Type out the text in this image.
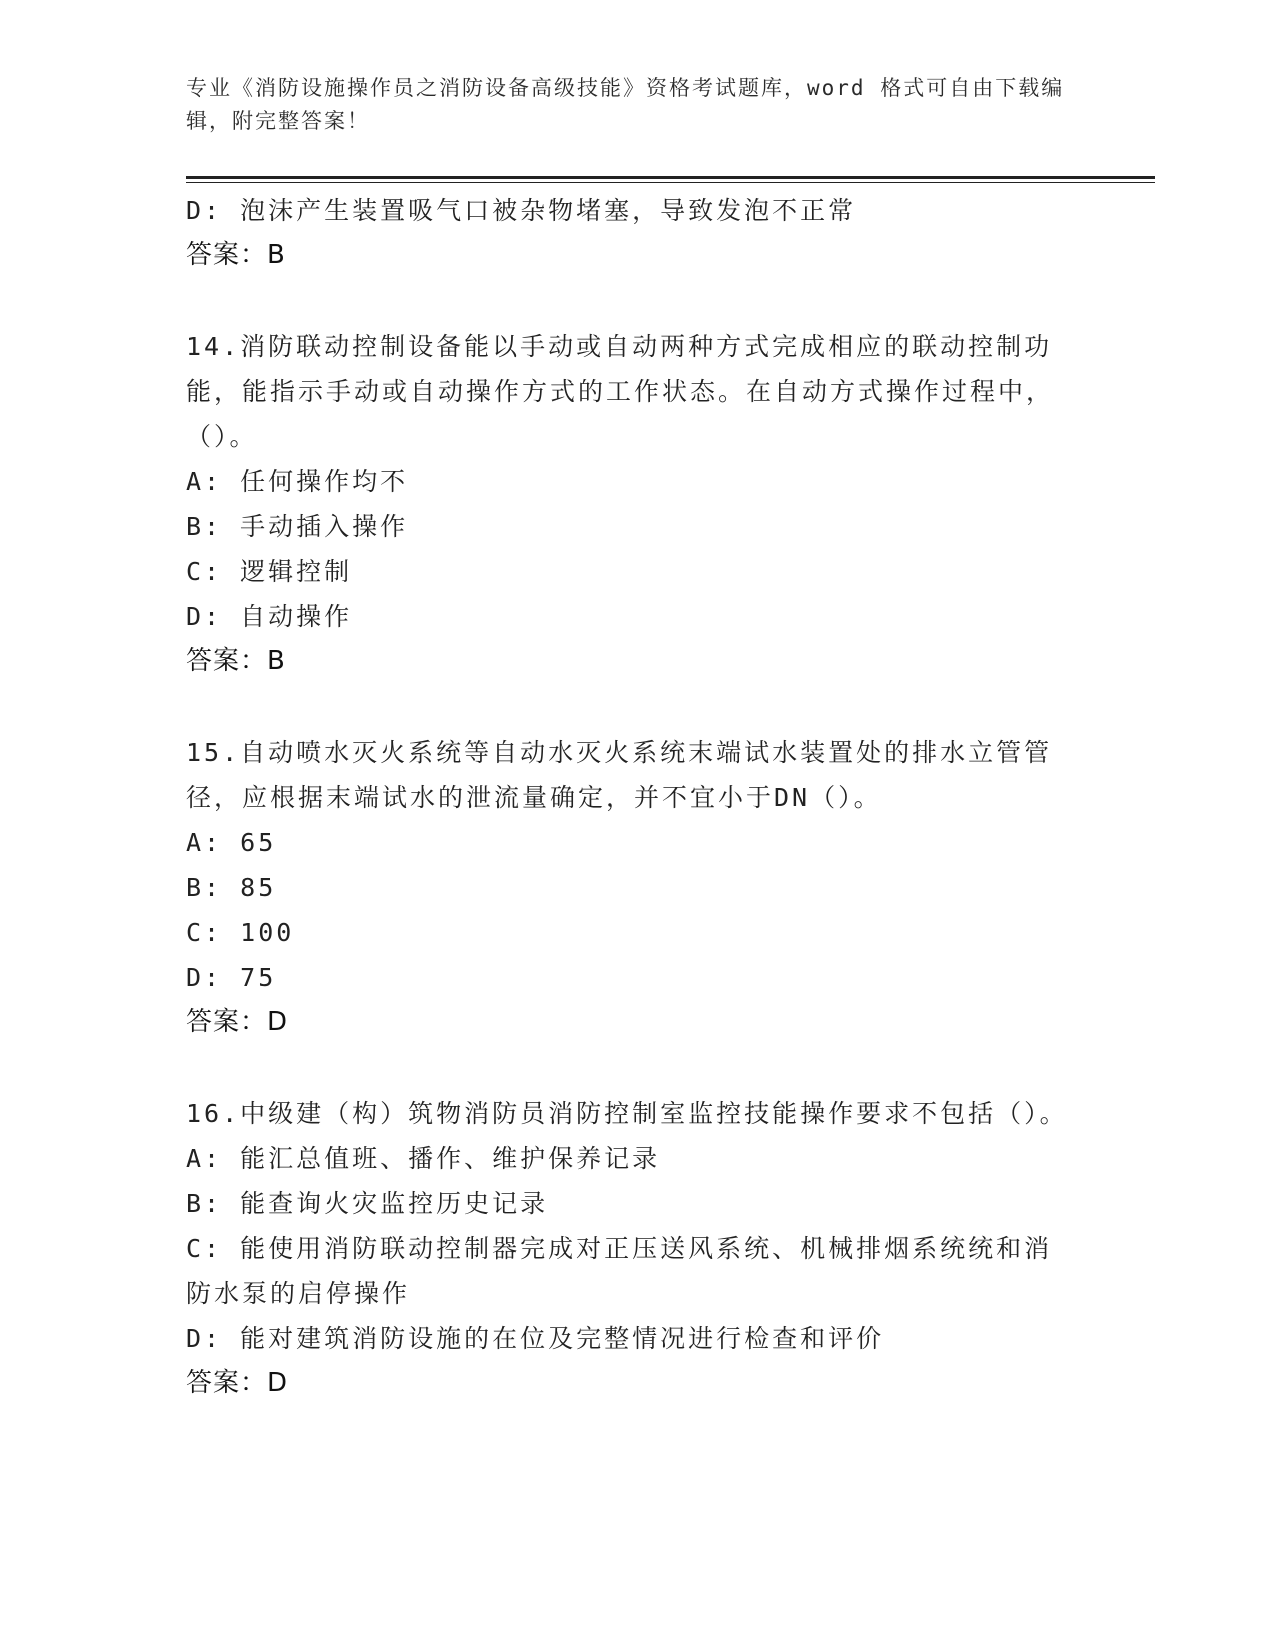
专业《消防设施操作员之消防设备高级技能》资格考试题库，word 格式可自由下载编辑，附完整答案！
D: 泡沫产生装置吸气口被杂物堵塞，导致发泡不正常
答案：B
14.消防联动控制设备能以手动或自动两种方式完成相应的联动控制功能，能指示手动或自动操作方式的工作状态。在自动方式操作过程中，（）。
A: 任何操作均不
B: 手动插入操作
C: 逻辑控制
D: 自动操作
答案：B
15.自动喷水灭火系统等自动水灭火系统末端试水装置处的排水立管管径，应根据末端试水的泄流量确定，并不宜小于DN（）。
A: 65
B: 85
C: 100
D: 75
答案：D
16.中级建（构）筑物消防员消防控制室监控技能操作要求不包括（）。
A: 能汇总值班、播作、维护保养记录
B: 能查询火灾监控历史记录
C: 能使用消防联动控制器完成对正压送风系统、机械排烟系统统和消防水泵的启停操作
D: 能对建筑消防设施的在位及完整情况进行检查和评价
答案：D
